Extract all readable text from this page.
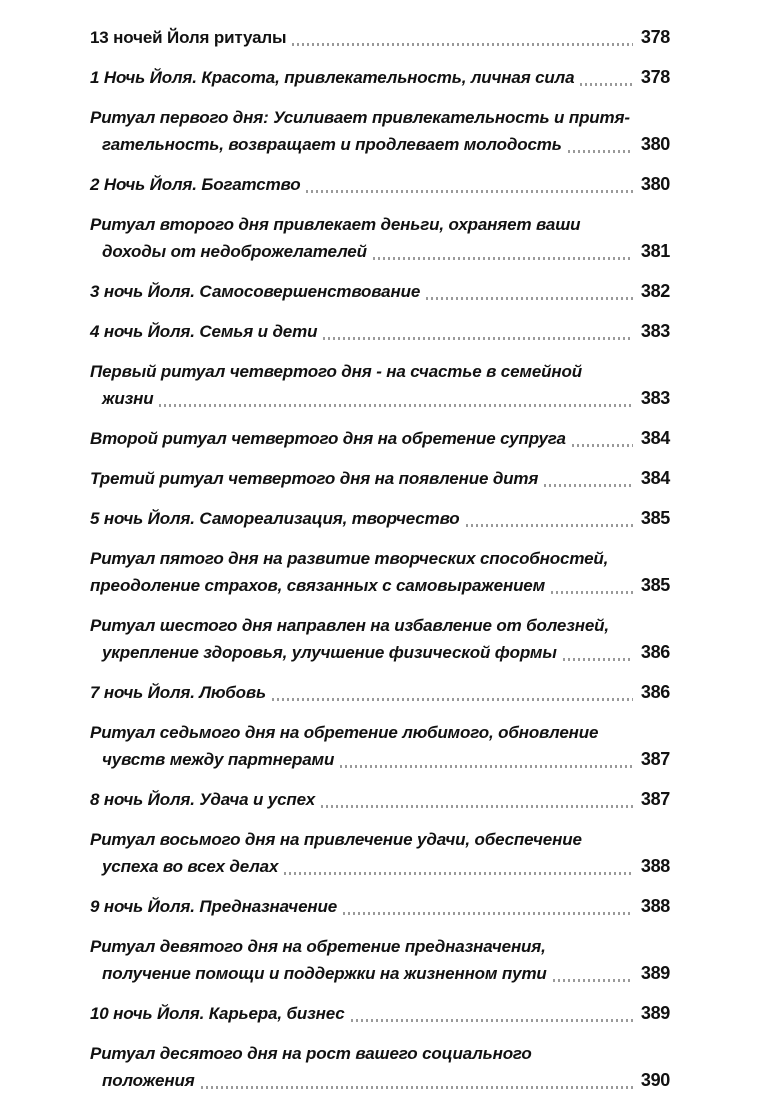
13 ночей Йоля ритуалы	378
1 Ночь Йоля. Красота, привлекательность, личная сила	378
Ритуал первого дня: Усиливает привлекательность и притя-
гательность, возвращает и продлевает молодость	380
2 Ночь Йоля. Богатство	380
Ритуал второго дня привлекает деньги, охраняет ваши
доходы от недоброжелателей	381
3 ночь Йоля. Самосовершенствование	382
4 ночь Йоля. Семья и дети	383
Первый ритуал четвертого дня - на счастье в семейной
жизни	383
Второй ритуал четвертого дня на обретение супруга	384
Третий ритуал четвертого дня на появление дитя	384
5 ночь Йоля. Самореализация, творчество	385
Ритуал пятого дня на развитие творческих способностей,
преодоление страхов, связанных с самовыражением	385
Ритуал шестого дня направлен на избавление от болезней,
укрепление здоровья, улучшение физической формы	386
7 ночь Йоля. Любовь	386
Ритуал седьмого дня на обретение любимого, обновление
чувств между партнерами	387
8 ночь Йоля. Удача и успех	387
Ритуал восьмого дня на привлечение удачи, обеспечение
успеха во всех делах	388
9 ночь Йоля. Предназначение	388
Ритуал девятого дня на обретение предназначения,
получение помощи и поддержки на жизненном пути	389
10 ночь Йоля. Карьера, бизнес	389
Ритуал десятого дня на рост вашего социального
положения	390
